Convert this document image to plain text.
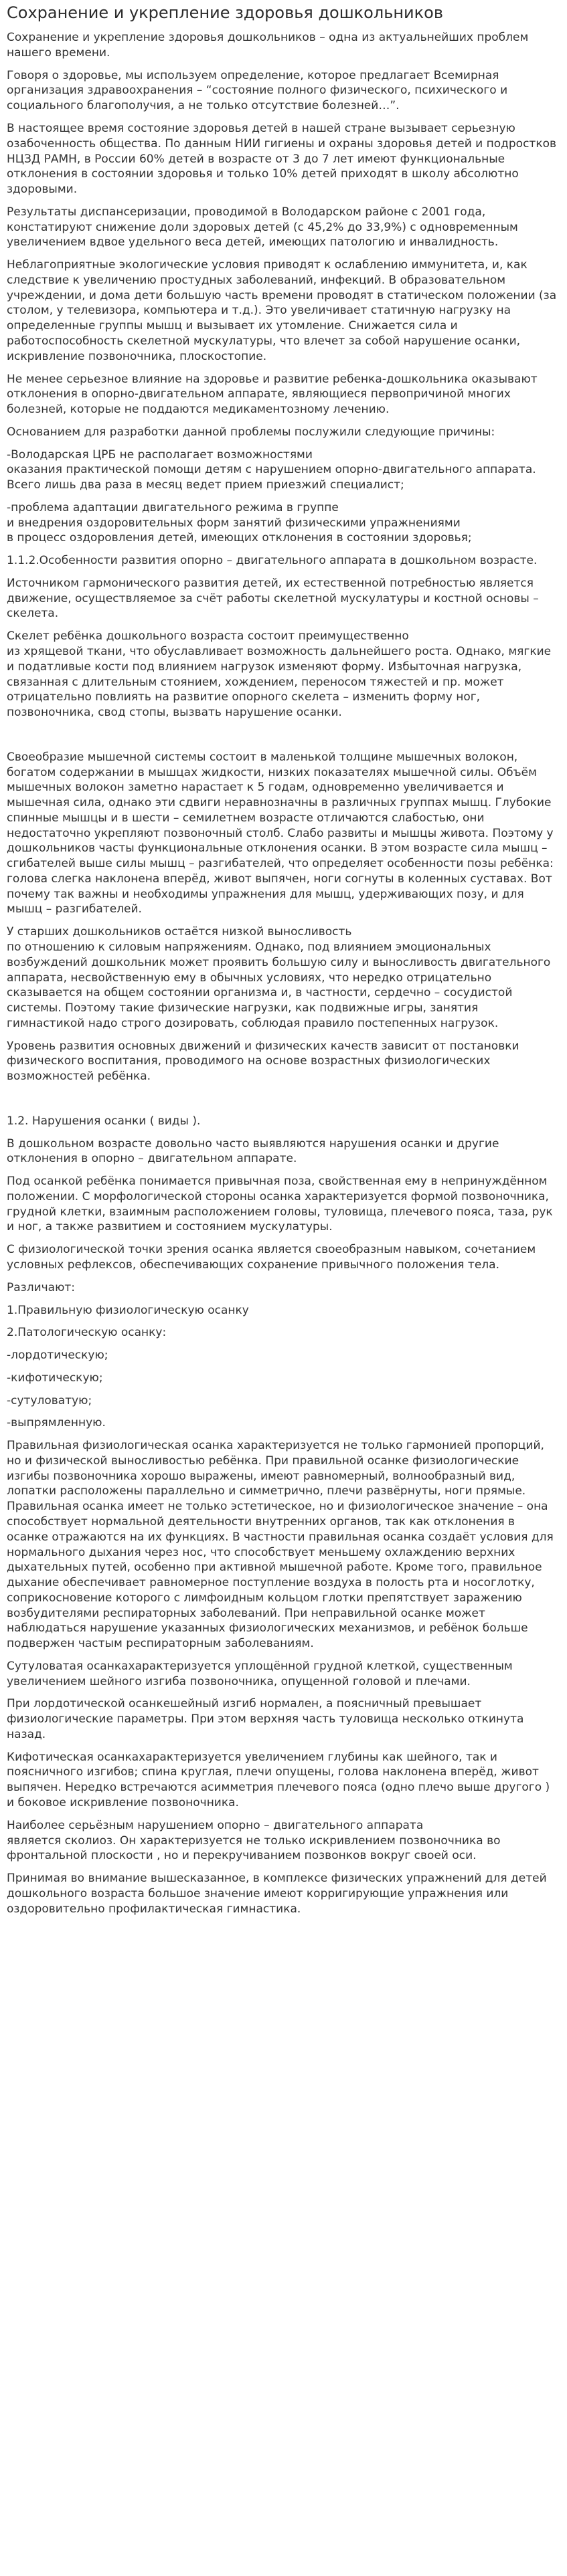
Сохранение и укрепление здоровья дошкольников

Сохранение и укрепление здоровья дошкольников – одна из актуальнейших проблем нашего времени.

Говоря о здоровье, мы используем определение, которое предлагает Всемирная организация здравоохранения – “состояние полного физического, психического и социального благополучия, а не только отсутствие болезней…”.

В настоящее время состояние здоровья детей в нашей стране вызывает серьезную озабоченность общества. По данным НИИ гигиены и охраны здоровья детей и подростков НЦЗД РАМН, в России 60% детей в возрасте от 3 до 7 лет имеют функциональные отклонения в состоянии здоровья и только 10% детей приходят в школу абсолютно здоровыми.

Результаты диспансеризации, проводимой в Володарском районе с 2001 года, констатируют снижение доли здоровых детей (с 45,2% до 33,9%) с одновременным увеличением вдвое удельного веса детей, имеющих патологию и инвалидность.

Неблагоприятные экологические условия приводят к ослаблению иммунитета, и, как следствие к увеличению простудных заболеваний, инфекций. В образовательном учреждении, и дома дети большую часть времени проводят в статическом положении (за столом, у телевизора, компьютера и т.д.). Это увеличивает статичную нагрузку на определенные группы мышц и вызывает их утомление. Снижается сила и работоспособность скелетной мускулатуры, что влечет за собой нарушение осанки, искривление позвоночника, плоскостопие.

Не менее серьезное влияние на здоровье и развитие ребенка-дошкольника оказывают отклонения в опорно-двигательном аппарате, являющиеся первопричиной многих болезней, которые не поддаются медикаментозному лечению.

Основанием для разработки данной проблемы послужили следующие причины:

-Володарская ЦРБ не располагает возможностями
оказания практической помощи детям с нарушением опорно-двигательного аппарата. Всего лишь два раза в месяц ведет прием приезжий специалист;

-проблема адаптации двигательного режима в группе
и внедрения оздоровительных форм занятий физическими упражнениями
в процесс оздоровления детей, имеющих отклонения в состоянии здоровья;

1.1.2.Особенности развития опорно – двигательного аппарата в дошкольном возрасте.

Источником гармонического развития детей, их естественной потребностью является движение, осуществляемое за счёт работы скелетной мускулатуры и костной основы – скелета.

Скелет ребёнка дошкольного возраста состоит преимущественно
из хрящевой ткани, что обуславливает возможность дальнейшего роста. Однако, мягкие и податливые кости под влиянием нагрузок изменяют форму. Избыточная нагрузка, связанная с длительным стоянием, хождением, переносом тяжестей и пр. может отрицательно повлиять на развитие опорного скелета – изменить форму ног, позвоночника, свод стопы, вызвать нарушение осанки.

Своеобразие мышечной системы состоит в маленькой толщине мышечных волокон, богатом содержании в мышцах жидкости, низких показателях мышечной силы. Объём мышечных волокон заметно нарастает к 5 годам, одновременно увеличивается и мышечная сила, однако эти сдвиги неравнозначны в различных группах мышц. Глубокие спинные мышцы и в шести – семилетнем возрасте отличаются слабостью, они недостаточно укрепляют позвоночный столб. Слабо развиты и мышцы живота. Поэтому у дошкольников часты функциональные отклонения осанки. В этом возрасте сила мышц – сгибателей выше силы мышц – разгибателей, что определяет особенности позы ребёнка: голова слегка наклонена вперёд, живот выпячен, ноги согнуты в коленных суставах. Вот почему так важны и необходимы упражнения для мышц, удерживающих позу, и для мышц – разгибателей.

У старших дошкольников остаётся низкой выносливость
по отношению к силовым напряжениям. Однако, под влиянием эмоциональных возбуждений дошкольник может проявить большую силу и выносливость двигательного аппарата, несвойственную ему в обычных условиях, что нередко отрицательно сказывается на общем состоянии организма и, в частности, сердечно – сосудистой системы. Поэтому такие физические нагрузки, как подвижные игры, занятия гимнастикой надо строго дозировать, соблюдая правило постепенных нагрузок.

Уровень развития основных движений и физических качеств зависит от постановки физического воспитания, проводимого на основе возрастных физиологических возможностей ребёнка.

1.2. Нарушения осанки ( виды ).

В дошкольном возрасте довольно часто выявляются нарушения осанки и другие отклонения в опорно – двигательном аппарате.

Под осанкой ребёнка понимается привычная поза, свойственная ему в непринуждённом положении. С морфологической стороны осанка характеризуется формой позвоночника, грудной клетки, взаимным расположением головы, туловища, плечевого пояса, таза, рук и ног, а также развитием и состоянием мускулатуры.

С физиологической точки зрения осанка является своеобразным навыком, сочетанием условных рефлексов, обеспечивающих сохранение привычного положения тела.

Различают:

1.Правильную физиологическую осанку

2.Патологическую осанку:

-лордотическую;

-кифотическую;

-сутуловатую;

-выпрямленную.

Правильная физиологическая осанка характеризуется не только гармонией пропорций, но и физической выносливостью ребёнка. При правильной осанке физиологические изгибы позвоночника хорошо выражены, имеют равномерный, волнообразный вид, лопатки расположены параллельно и симметрично, плечи развёрнуты, ноги прямые. Правильная осанка имеет не только эстетическое, но и физиологическое значение – она способствует нормальной деятельности внутренних органов, так как отклонения в осанке отражаются на их функциях. В частности правильная осанка создаёт условия для нормального дыхания через нос, что способствует меньшему охлаждению верхних дыхательных путей, особенно при активной мышечной работе. Кроме того, правильное дыхание обеспечивает равномерное поступление воздуха в полость рта и носоглотку, соприкосновение которого с лимфоидным кольцом глотки препятствует заражению возбудителями респираторных заболеваний. При неправильной осанке может наблюдаться нарушение указанных физиологических механизмов, и ребёнок больше подвержен частым респираторным заболеваниям.

Сутуловатая осанкахарактеризуется уплощённой грудной клеткой, существенным увеличением шейного изгиба позвоночника, опущенной головой и плечами.

При лордотической осанкешейный изгиб нормален, а поясничный превышает физиологические параметры. При этом верхняя часть туловища несколько откинута назад.

Кифотическая осанкахарактеризуется увеличением глубины как шейного, так и поясничного изгибов; спина круглая, плечи опущены, голова наклонена вперёд, живот выпячен. Нередко встречаются асимметрия плечевого пояса (одно плечо выше другого ) и боковое искривление позвоночника.

Наиболее серьёзным нарушением опорно – двигательного аппарата
является сколиоз. Он характеризуется не только искривлением позвоночника во фронтальной плоскости , но и перекручиванием позвонков вокруг своей оси.

Принимая во внимание вышесказанное, в комплексе физических упражнений для детей дошкольного возраста большое значение имеют корригирующие упражнения или оздоровительно профилактическая гимнастика.
